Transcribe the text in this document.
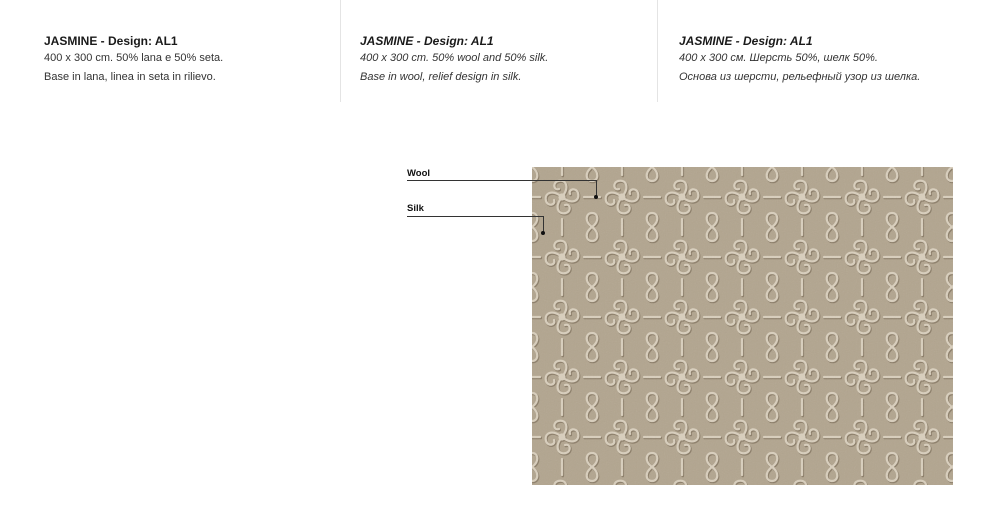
JASMINE - Design: AL1
400 x 300 cm. 50% lana e 50% seta.
Base in lana, linea in seta in rilievo.
JASMINE - Design: AL1
400 x 300 cm. 50% wool and 50% silk.
Base in wool, relief design in silk.
JASMINE - Design: AL1
400 x 300 см. Шерсть 50%, шелк 50%.
Основа из шерсти, рельефный узор из шелка.
Wool
Silk
